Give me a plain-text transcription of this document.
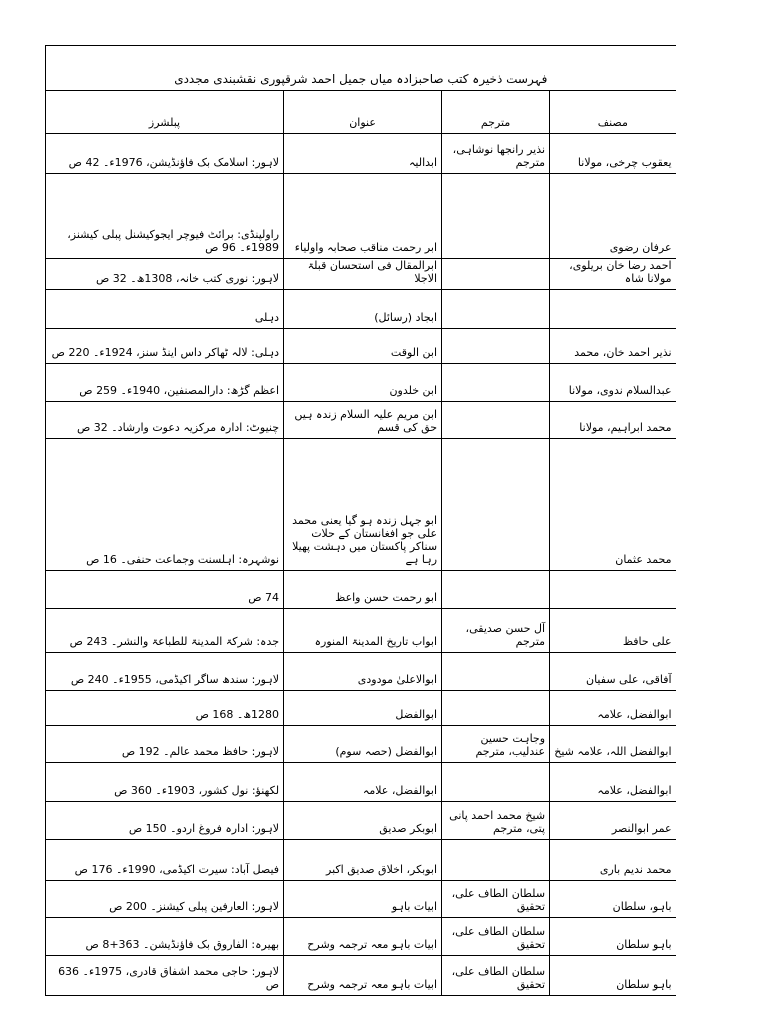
فہرست ذخیرہ کتب صاحبزادہ میاں جمیل احمد شرقپوری نقشبندی مجددی			
مصنف	مترجم	عنوان	پبلشرز
یعقوب چرخی، مولانا	نذیر رانجھا نوشاہی، مترجم	ابدالیہ	لاہور: اسلامک بک فاؤنڈیشن، 1976ء۔ 42 ص
عرفان رضوی		ابر رحمت مناقب صحابہ واولیاء	راولپنڈی: برائٹ فیوچر ایجوکیشنل پبلی کیشنز، 1989ء۔ 96 ص
احمد رضا خان بریلوی، مولانا شاہ		ابرالمقال فی استحسان قبلۃ الاجلا	لاہور: نوری کتب خانہ، 1308ھ۔ 32 ص
		ابجاد (رسائل)	دہلی
نذیر احمد خان، محمد		ابن الوقت	دہلی: لالہ ٹھاکر داس اینڈ سنز، 1924ء۔ 220 ص
عبدالسلام ندوی، مولانا		ابن خلدون	اعظم گڑھ: دارالمصنفین، 1940ء۔ 259 ص
محمد ابراہیم، مولانا		ابن مریم علیہ السلام زندہ ہیں حق کی قسم	چنیوٹ: ادارہ مرکزیہ دعوت وارشاد۔ 32 ص
محمد عثمان		ابو جہل زندہ ہو گیا یعنی محمد علی جو افغانستان کے حلات سناکر پاکستان میں دہشت پھیلا رہا ہے	نوشہرہ: اہلسنت وجماعت حنفی۔ 16 ص
		ابو رحمت حسن واعظ	74 ص
علی حافظ	آل حسن صدیقی، مترجم	ابواب تاریخ المدینۃ المنورہ	جدہ: شرکۃ المدینۃ للطباعۃ والنشر۔ 243 ص
آفاقی، علی سفیان		ابوالاعلیٰ مودودی	لاہور: سندھ ساگر اکیڈمی، 1955ء۔ 240 ص
ابوالفضل، علامہ		ابوالفضل	1280ھ۔ 168 ص
ابوالفضل اللہ، علامہ شیخ	وجاہت حسین عندلیب، مترجم	ابوالفضل (حصہ سوم)	لاہور: حافظ محمد عالم۔ 192 ص
ابوالفضل، علامہ		ابوالفضل، علامہ	لکھنؤ: نول کشور، 1903ء۔ 360 ص
عمر ابوالنصر	شیخ محمد احمد پانی پتی، مترجم	ابوبکر صدیق	لاہور: ادارہ فروغ اردو۔ 150 ص
محمد ندیم باری		ابوبکر، اخلاق صدیق اکبر	فیصل آباد: سیرت اکیڈمی، 1990ء۔ 176 ص
باہو، سلطان	سلطان الطاف علی، تحقیق	ابیات باہو	لاہور: العارفین پبلی کیشنز۔ 200 ص
باہو سلطان	سلطان الطاف علی، تحقیق	ابیات باہو معہ ترجمہ وشرح	بھیرہ: الفاروق بک فاؤنڈیشن۔ 363+8 ص
باہو سلطان	سلطان الطاف علی، تحقیق	ابیات باہو معہ ترجمہ وشرح	لاہور: حاجی محمد اشفاق قادری، 1975ء۔ 636 ص
